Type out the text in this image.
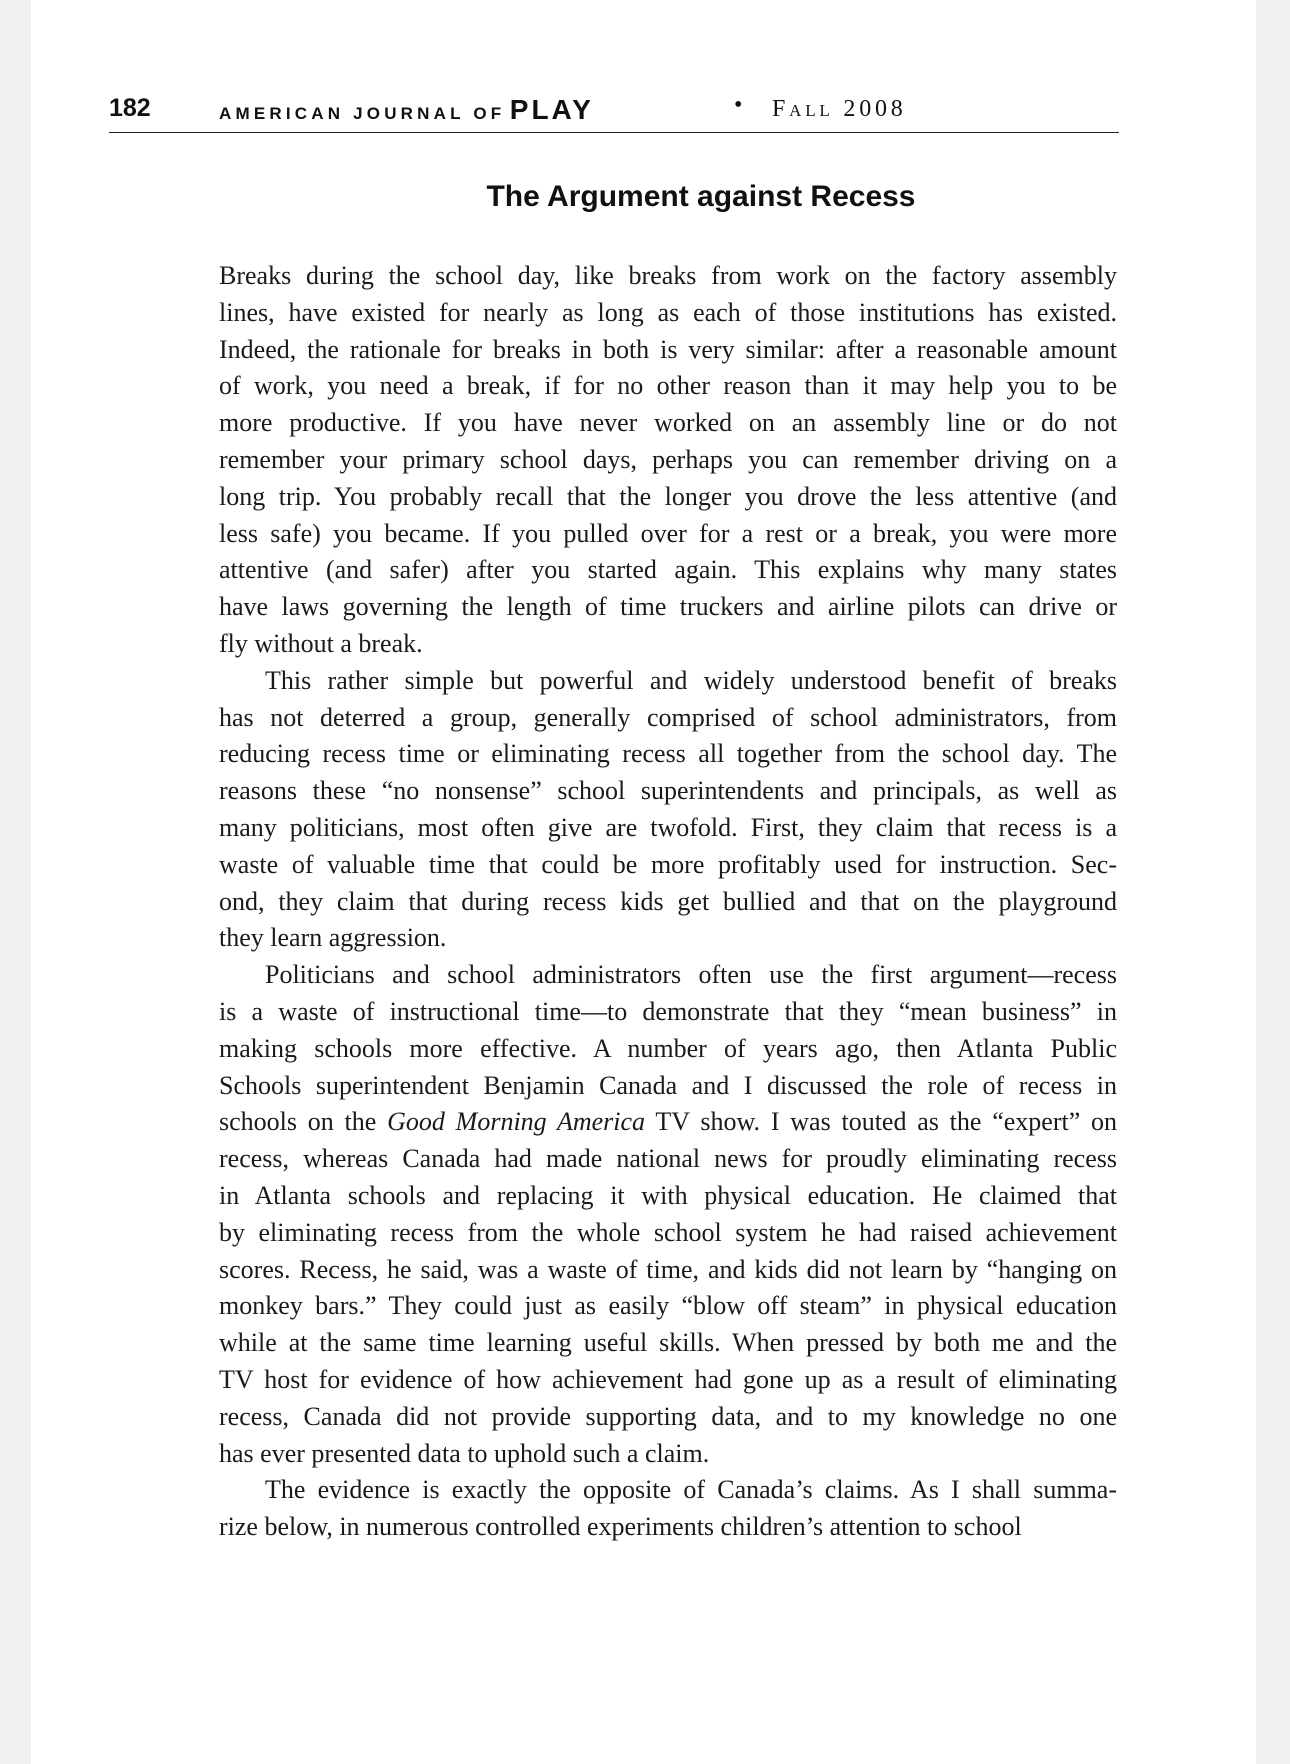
182	AMERICAN JOURNAL OF PLAY	• Fall 2008
The Argument against Recess
Breaks during the school day, like breaks from work on the factory assembly
lines, have existed for nearly as long as each of those institutions has existed.
Indeed, the rationale for breaks in both is very similar: after a reasonable amount
of work, you need a break, if for no other reason than it may help you to be
more productive. If you have never worked on an assembly line or do not
remember your primary school days, perhaps you can remember driving on a
long trip. You probably recall that the longer you drove the less attentive (and
less safe) you became. If you pulled over for a rest or a break, you were more
attentive (and safer) after you started again. This explains why many states
have laws governing the length of time truckers and airline pilots can drive or
fly without a break.
This rather simple but powerful and widely understood benefit of breaks
has not deterred a group, generally comprised of school administrators, from
reducing recess time or eliminating recess all together from the school day. The
reasons these “no nonsense” school superintendents and principals, as well as
many politicians, most often give are twofold. First, they claim that recess is a
waste of valuable time that could be more profitably used for instruction. Sec-
ond, they claim that during recess kids get bullied and that on the playground
they learn aggression.
Politicians and school administrators often use the first argument—recess
is a waste of instructional time—to demonstrate that they “mean business” in
making schools more effective. A number of years ago, then Atlanta Public
Schools superintendent Benjamin Canada and I discussed the role of recess in
schools on the Good Morning America TV show. I was touted as the “expert” on
recess, whereas Canada had made national news for proudly eliminating recess
in Atlanta schools and replacing it with physical education. He claimed that
by eliminating recess from the whole school system he had raised achievement
scores. Recess, he said, was a waste of time, and kids did not learn by “hanging on
monkey bars.” They could just as easily “blow off steam” in physical education
while at the same time learning useful skills. When pressed by both me and the
TV host for evidence of how achievement had gone up as a result of eliminating
recess, Canada did not provide supporting data, and to my knowledge no one
has ever presented data to uphold such a claim.
The evidence is exactly the opposite of Canada’s claims. As I shall summa-
rize below, in numerous controlled experiments children’s attention to school
